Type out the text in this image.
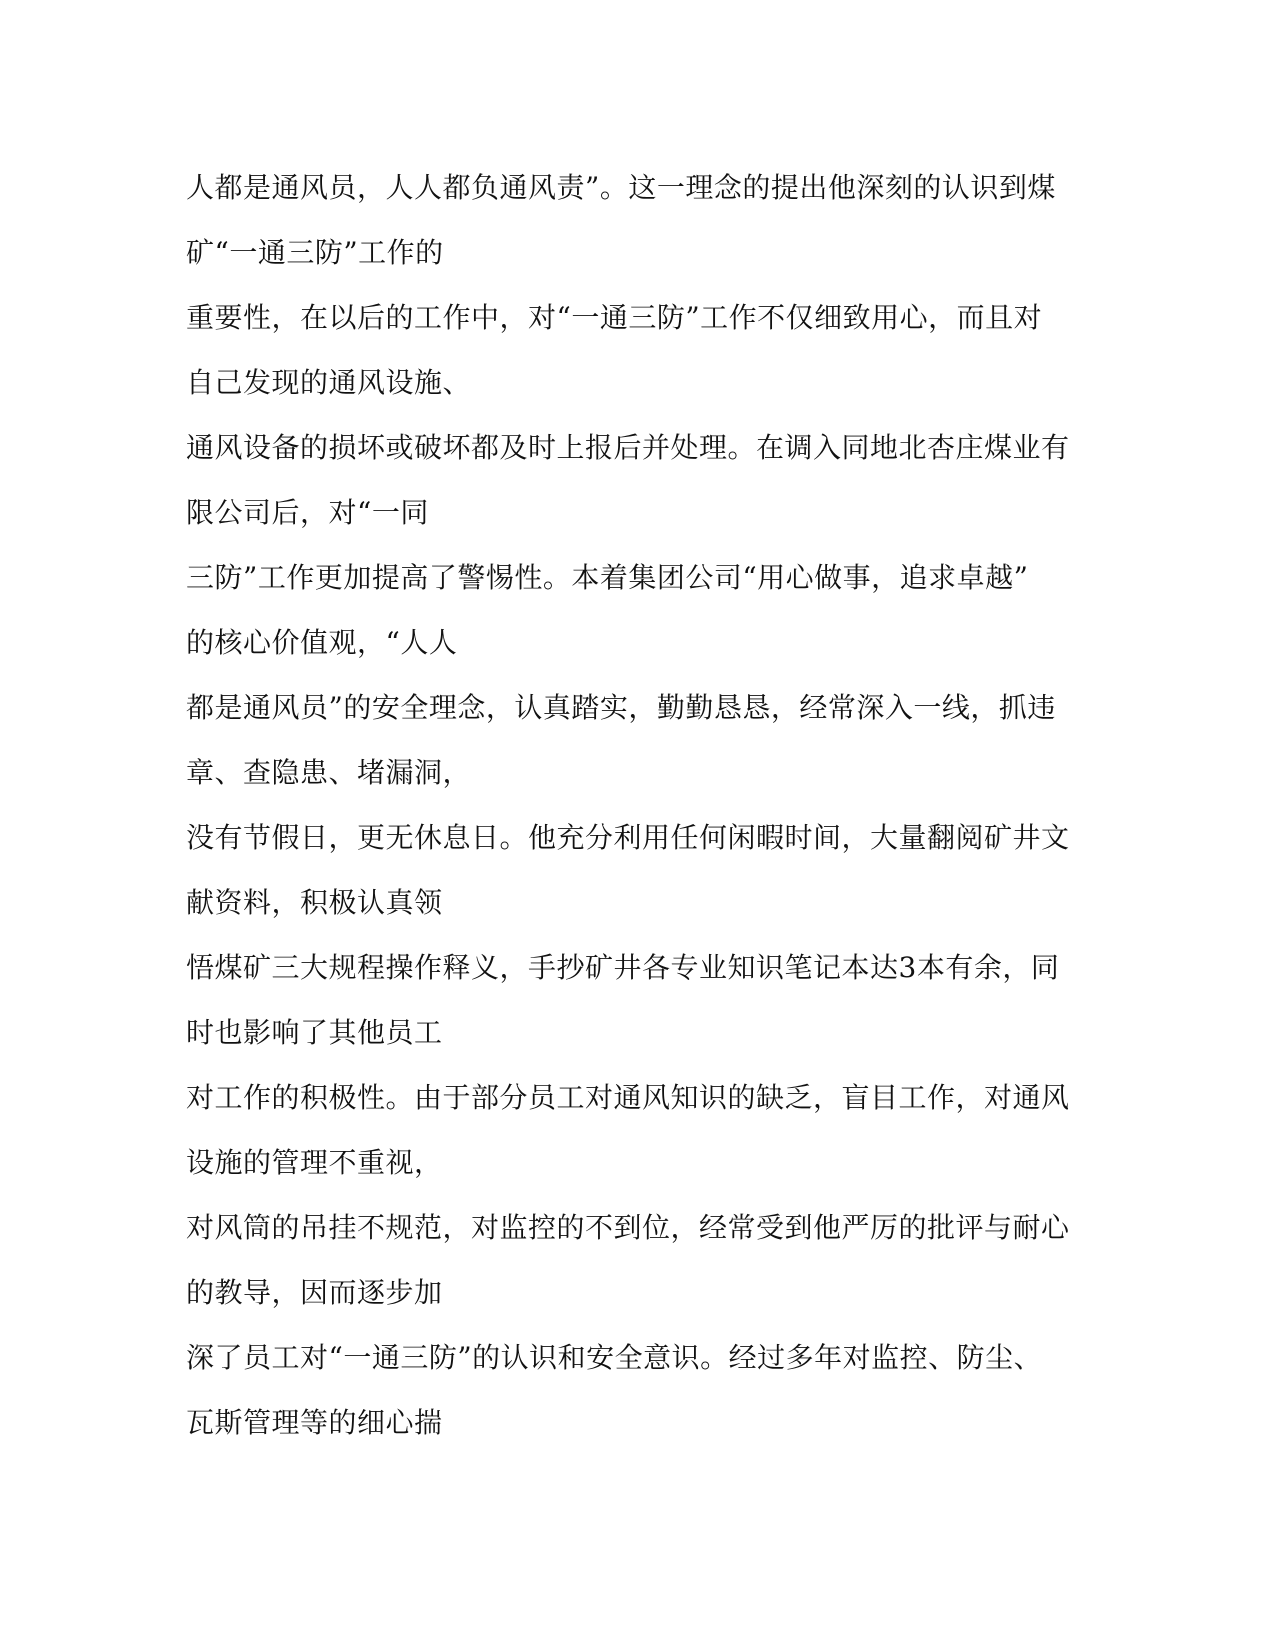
人都是通风员，人人都负通风责”。这一理念的提出他深刻的认识到煤
矿“一通三防”工作的
重要性，在以后的工作中，对“一通三防”工作不仅细致用心，而且对
自己发现的通风设施、
通风设备的损坏或破坏都及时上报后并处理。在调入同地北杏庄煤业有
限公司后，对“一同
三防”工作更加提高了警惕性。本着集团公司“用心做事，追求卓越”
的核心价值观，“人人
都是通风员”的安全理念，认真踏实，勤勤恳恳，经常深入一线，抓违
章、查隐患、堵漏洞，
没有节假日，更无休息日。他充分利用任何闲暇时间，大量翻阅矿井文
献资料，积极认真领
悟煤矿三大规程操作释义，手抄矿井各专业知识笔记本达3本有余，同
时也影响了其他员工
对工作的积极性。由于部分员工对通风知识的缺乏，盲目工作，对通风
设施的管理不重视，
对风筒的吊挂不规范，对监控的不到位，经常受到他严厉的批评与耐心
的教导，因而逐步加
深了员工对“一通三防”的认识和安全意识。经过多年对监控、防尘、
瓦斯管理等的细心揣
